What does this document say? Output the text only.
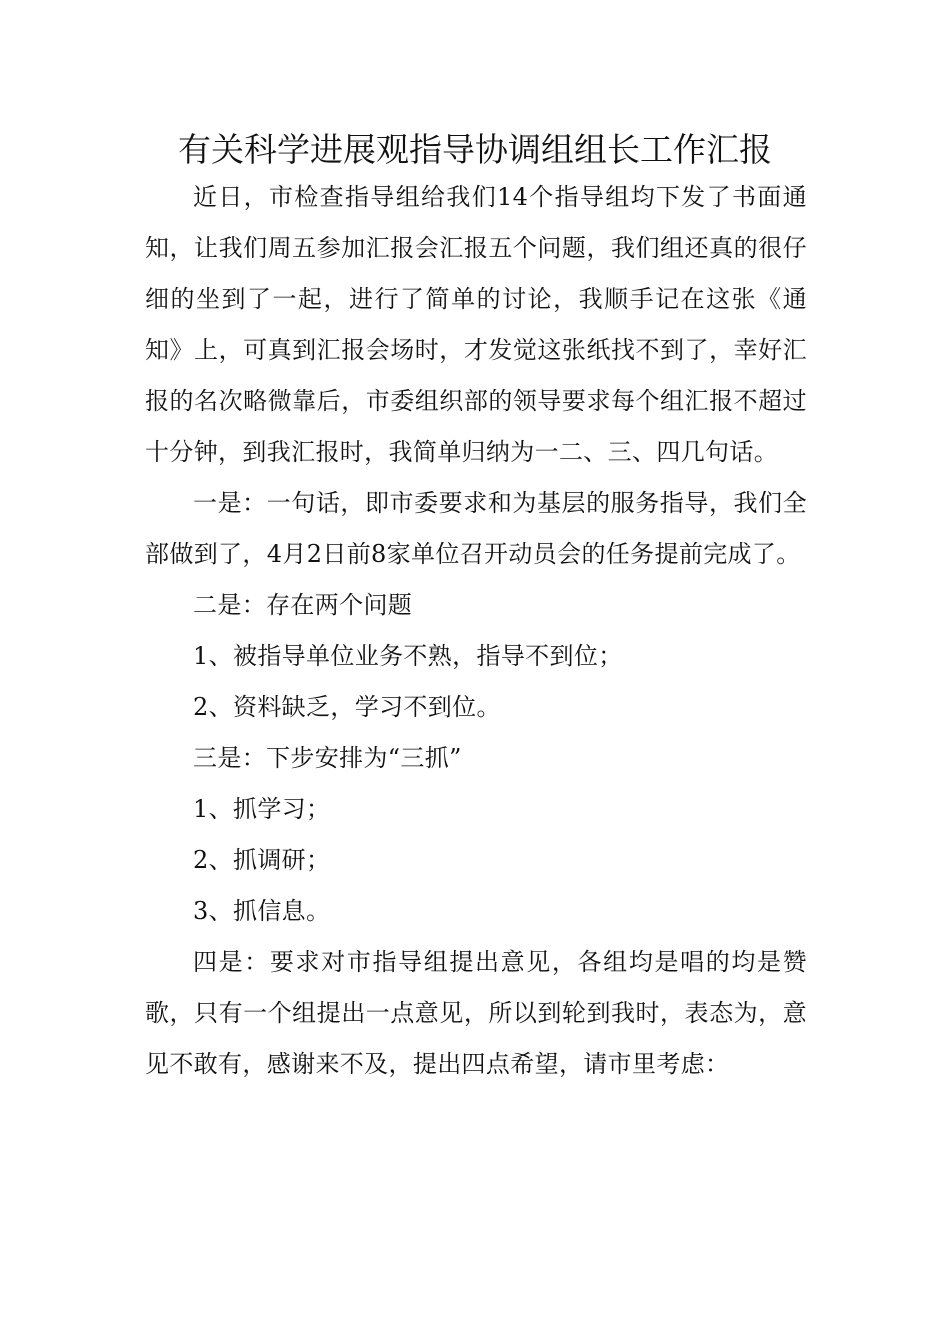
有关科学进展观指导协调组组长工作汇报

近日，市检查指导组给我们14个指导组均下发了书面通知，让我们周五参加汇报会汇报五个问题，我们组还真的很仔细的坐到了一起，进行了简单的讨论，我顺手记在这张《通知》上，可真到汇报会场时，才发觉这张纸找不到了，幸好汇报的名次略微靠后，市委组织部的领导要求每个组汇报不超过十分钟，到我汇报时，我简单归纳为一二、三、四几句话。

一是：一句话，即市委要求和为基层的服务指导，我们全部做到了，4月2日前8家单位召开动员会的任务提前完成了。

二是：存在两个问题

1、被指导单位业务不熟，指导不到位；

2、资料缺乏，学习不到位。

三是：下步安排为“三抓”

1、抓学习；

2、抓调研；

3、抓信息。

四是：要求对市指导组提出意见，各组均是唱的均是赞歌，只有一个组提出一点意见，所以到轮到我时，表态为，意见不敢有，感谢来不及，提出四点希望，请市里考虑：
